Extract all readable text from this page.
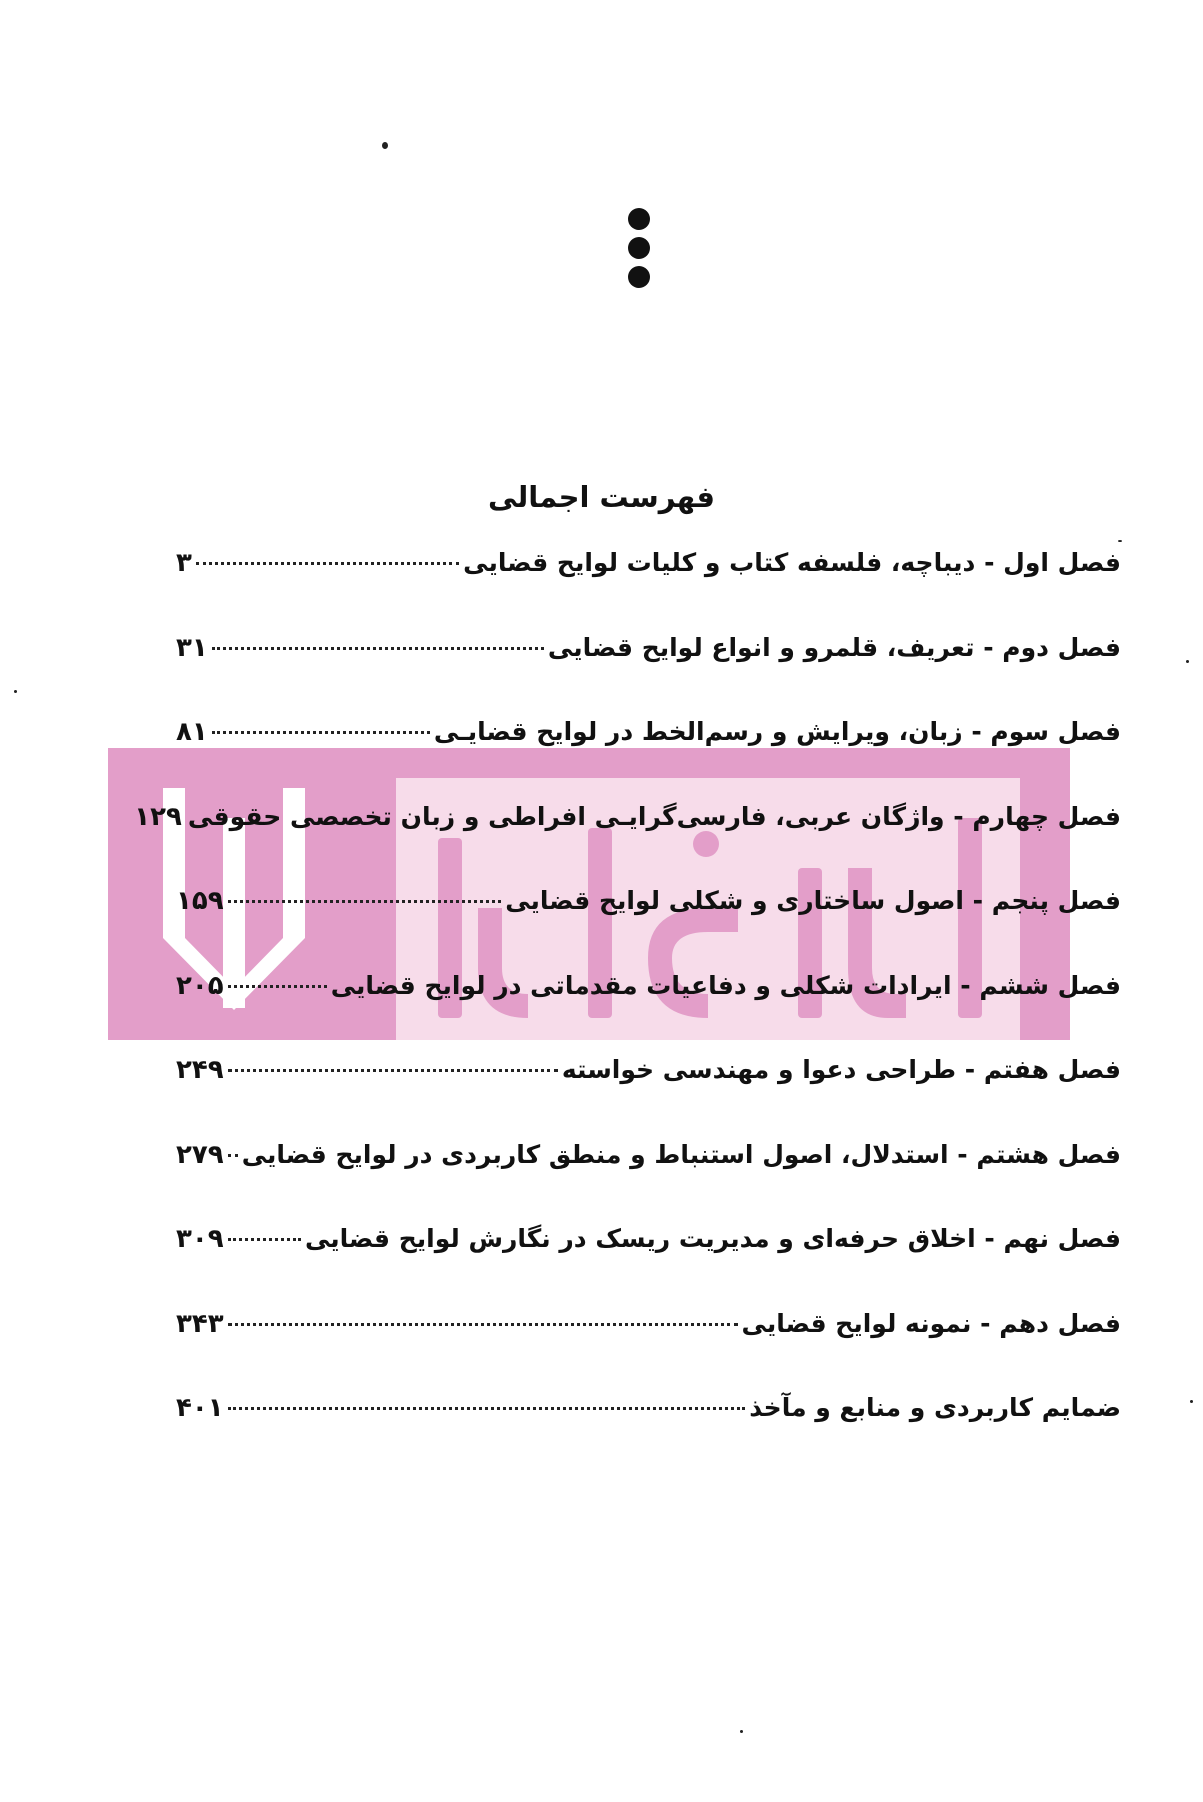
فهرست اجمالی
فصل اول - دیباچه، فلسفه کتاب و کلیات لوایح قضایی
۳
فصل دوم - تعریف، قلمرو و انواع لوایح قضایی
۳۱
فصل سوم - زبان، ویرایش و رسم‌الخط در لوایح قضایـی
۸۱
فصل چهارم - واژگان عربی، فارسی‌گرایـی افراطی و زبان تخصصی حقوقی
۱۲۹
فصل پنجم - اصول ساختاری و شکلی لوایح قضایی
۱۵۹
فصل ششم - ایرادات شکلی و دفاعیات مقدماتی در لوایح قضایی
۲۰۵
فصل هفتم - طراحی دعوا و مهندسی خواسته
۲۴۹
فصل هشتم - استدلال، اصول استنباط و منطق کاربردی در لوایح قضایی
۲۷۹
فصل نهم - اخلاق حرفه‌ای و مدیریت ریسک در نگارش لوایح قضایی
۳۰۹
فصل دهم - نمونه لوایح قضایی
۳۴۳
ضمایم کاربردی و منابع و مآخذ
۴۰۱
